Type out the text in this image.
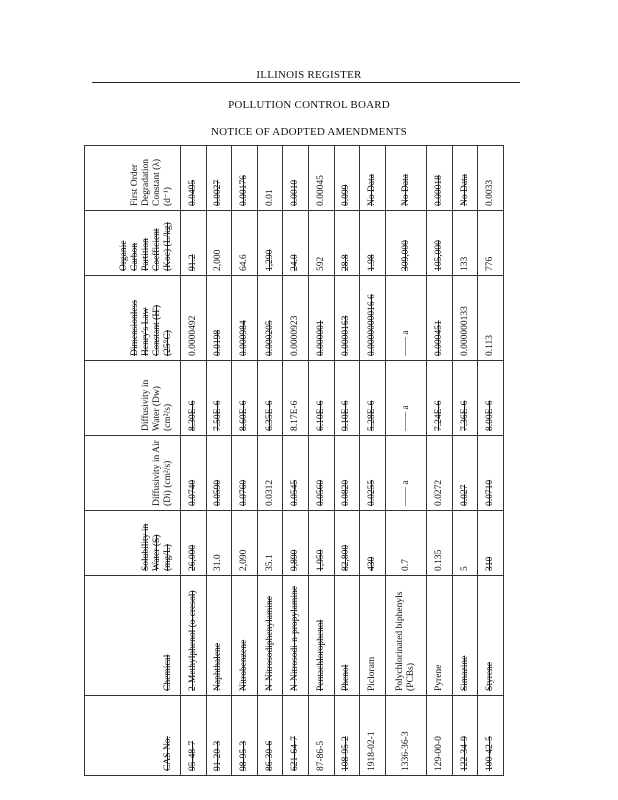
ILLINOIS REGISTER
POLLUTION CONTROL BOARD
NOTICE OF ADOPTED AMENDMENTS
CAS No.	Chemical	Solubility in Water (S) (mg/L)	Diffusivity in Air (Di) (cm²/s)	Diffusivity in Water (Dw) (cm²/s)	Dimensionless Henry's Law Constant (H') (25°C)	Organic Carbon Partition Coefficient (Koc) (L/kg)	First Order Degradation Constant (λ) (d⁻¹)
95-48-7	2-Methylphenol (o-cresol)	26,000	0.0740	8.30E-6	0.0000492	91.2	0.0495
91-20-3	Naphthalene	31.0	0.0590	7.50E-6	0.0198	2,000	0.0027
98-95-3	Nitrobenzene	2,090	0.0760	8.60E-6	0.000984	64.6	0.00176
86-30-6	N-Nitrosodiphenylamine	35.1	0.0312	6.35E-6	0.000205	1,290	0.01
621-64-7	N-Nitrosodi-n-propylamine	9,890	0.0545	8.17E-6	0.0000923	24.0	0.0010
87-86-5	Pentachlorophenol	1,950	0.0560	6.10E-6	0.000001	592	0.00045
108-95-2	Phenol	82,800	0.0820	9.10E-6	0.0000163	28.8	0.099
1918-02-1	Picloram	430	0.0255	5.28E-6	0.0000000016 6	1.98	No Data
1336-36-3	Polychlorinated biphenyls (PCBs)	0.7	—— a	—— a	—— a	309,000	No Data
129-00-0	Pyrene	0.135	0.0272	7.24E-6	0.000451	105,000	0.00018
122-34-9	Simazine	5	0.027	7.36E-6	0.000000133	133	No Data
100-42-5	Styrene	310	0.0710	8.00E-6	0.113	776	0.0033
